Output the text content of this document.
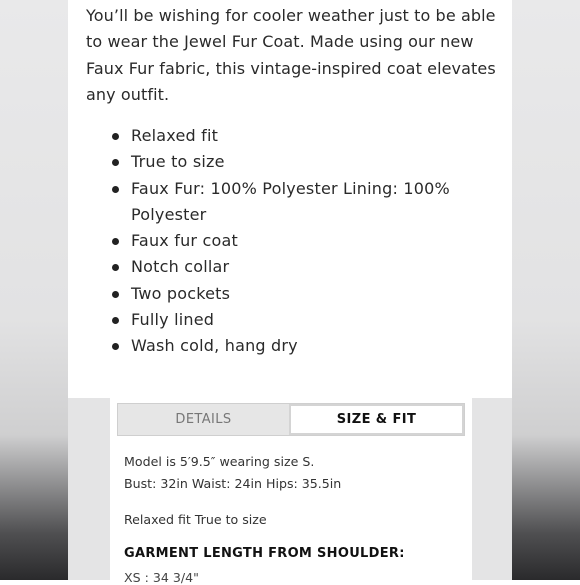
You’ll be wishing for cooler weather just to be able to wear the Jewel Fur Coat. Made using our new Faux Fur fabric, this vintage-inspired coat elevates any outfit.

Relaxed fit
True to size
Faux Fur: 100% Polyester Lining: 100% Polyester
Faux fur coat
Notch collar
Two pockets
Fully lined
Wash cold, hang dry
DETAILS	SIZE & FIT

Model is 5′9.5″ wearing size S.

Bust: 32in Waist: 24in Hips: 35.5in

Relaxed fit True to size

GARMENT LENGTH FROM SHOULDER:

XS : 34 3/4"
